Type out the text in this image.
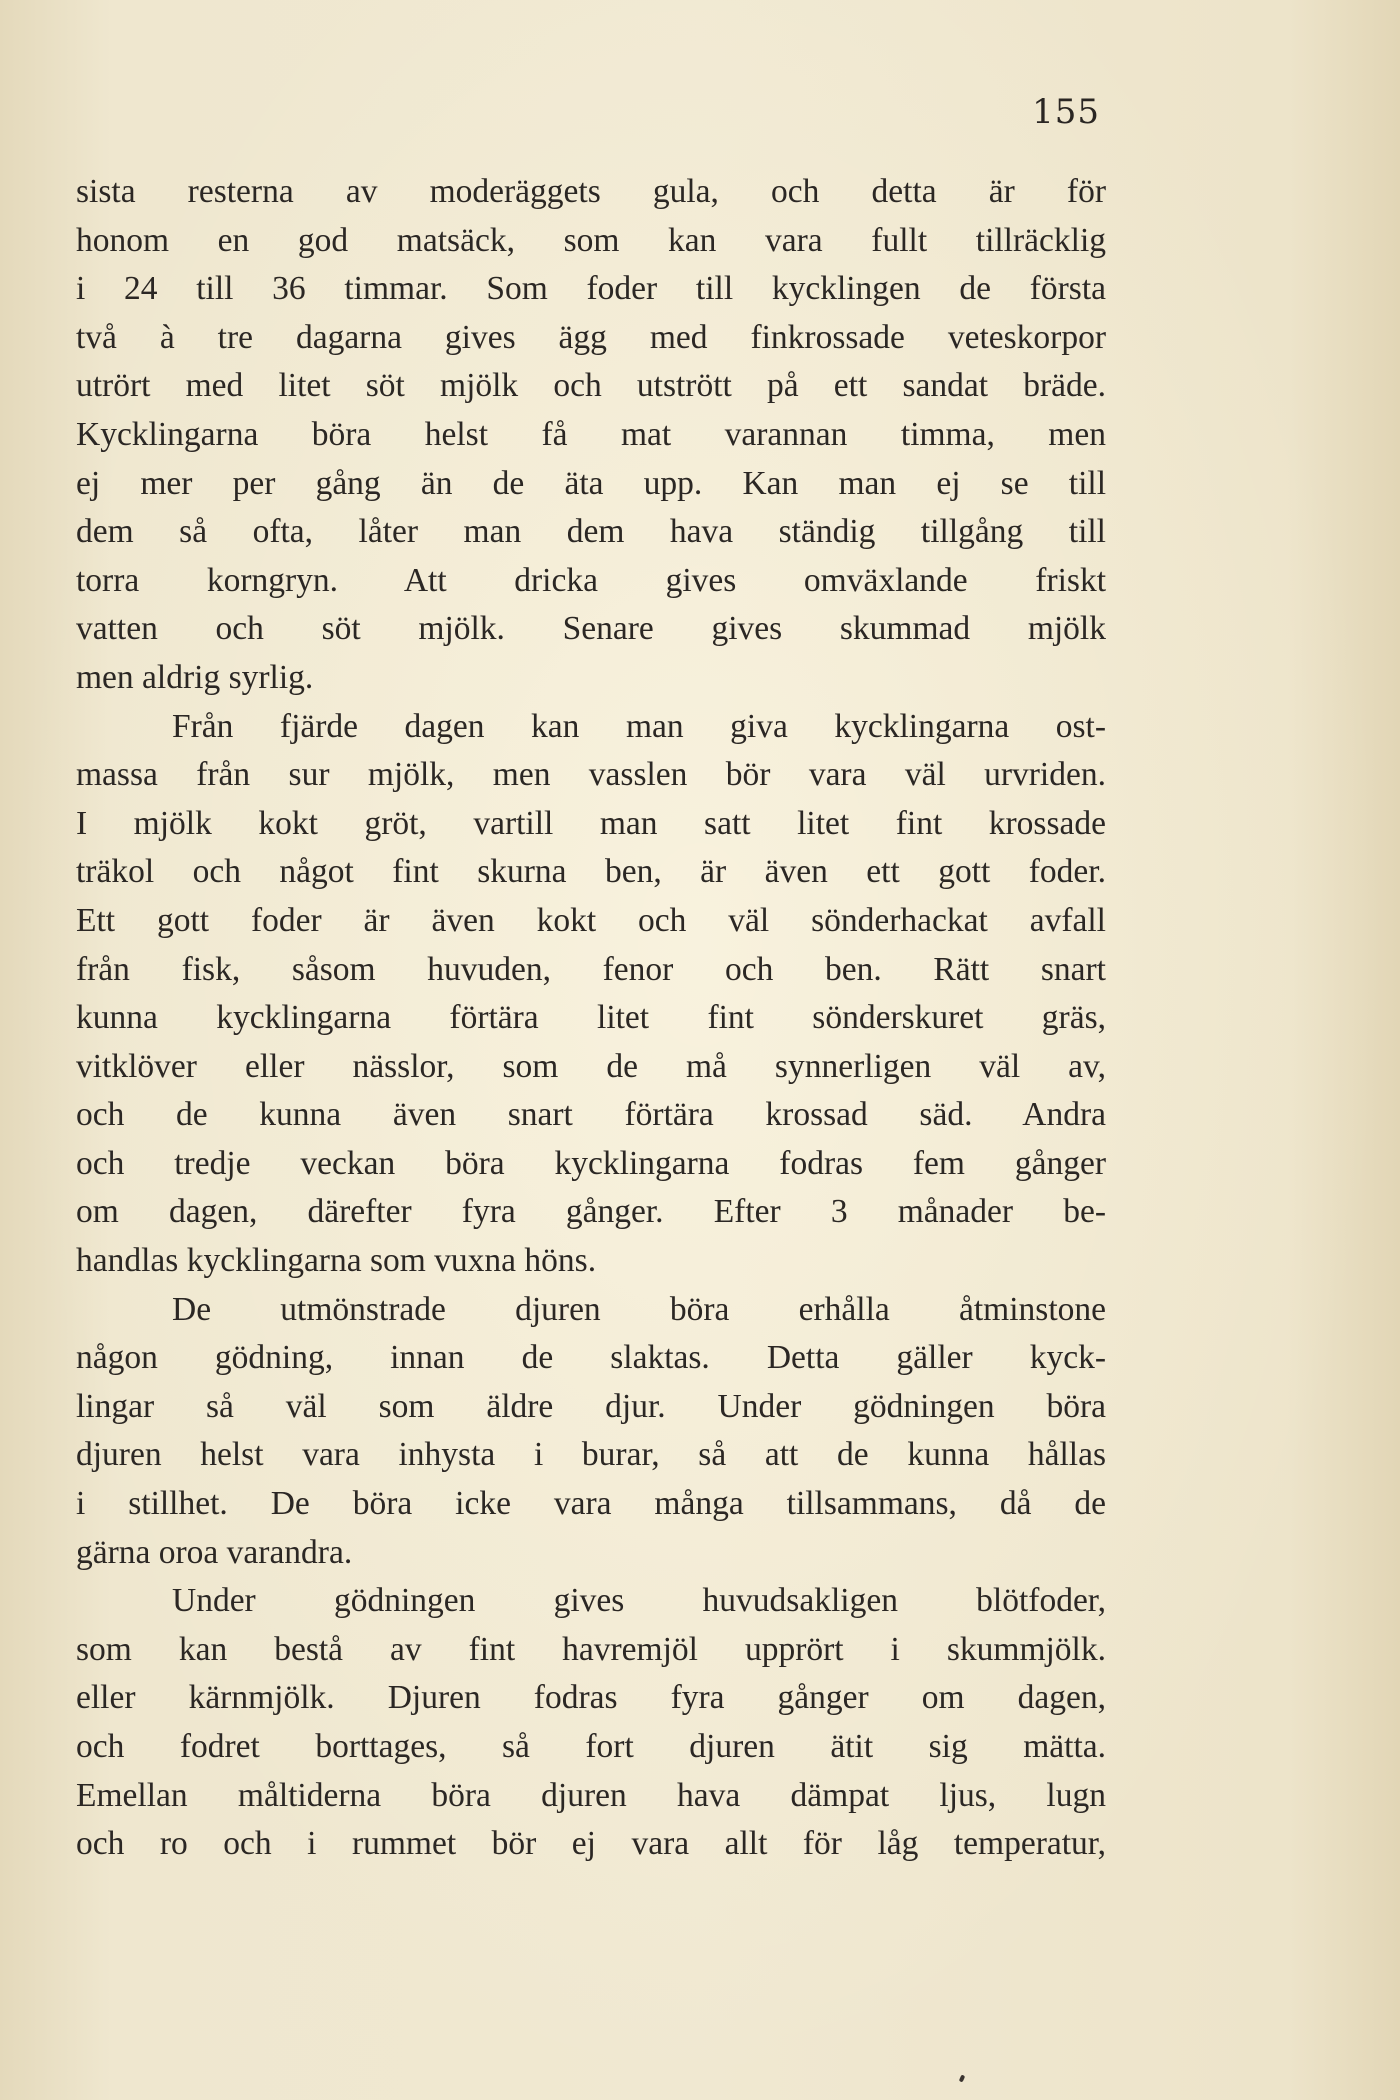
155
sista resterna av moderäggets gula, och detta är för
honom en god matsäck, som kan vara fullt tillräcklig
i 24 till 36 timmar. Som foder till kycklingen de första
två à tre dagarna gives ägg med finkrossade veteskorpor
utrört med litet söt mjölk och utstrött på ett sandat bräde.
Kycklingarna böra helst få mat varannan timma, men
ej mer per gång än de äta upp. Kan man ej se till
dem så ofta, låter man dem hava ständig tillgång till
torra korngryn. Att dricka gives omväxlande friskt
vatten och söt mjölk. Senare gives skummad mjölk
men aldrig syrlig.
Från fjärde dagen kan man giva kycklingarna ost-
massa från sur mjölk, men vasslen bör vara väl urvriden.
I mjölk kokt gröt, vartill man satt litet fint krossade
träkol och något fint skurna ben, är även ett gott foder.
Ett gott foder är även kokt och väl sönderhackat avfall
från fisk, såsom huvuden, fenor och ben. Rätt snart
kunna kycklingarna förtära litet fint sönderskuret gräs,
vitklöver eller nässlor, som de må synnerligen väl av,
och de kunna även snart förtära krossad säd. Andra
och tredje veckan böra kycklingarna fodras fem gånger
om dagen, därefter fyra gånger. Efter 3 månader be-
handlas kycklingarna som vuxna höns.
De utmönstrade djuren böra erhålla åtminstone
någon gödning, innan de slaktas. Detta gäller kyck-
lingar så väl som äldre djur. Under gödningen böra
djuren helst vara inhysta i burar, så att de kunna hållas
i stillhet. De böra icke vara många tillsammans, då de
gärna oroa varandra.
Under gödningen gives huvudsakligen blötfoder,
som kan bestå av fint havremjöl upprört i skummjölk.
eller kärnmjölk. Djuren fodras fyra gånger om dagen,
och fodret borttages, så fort djuren ätit sig mätta.
Emellan måltiderna böra djuren hava dämpat ljus, lugn
och ro och i rummet bör ej vara allt för låg temperatur,
